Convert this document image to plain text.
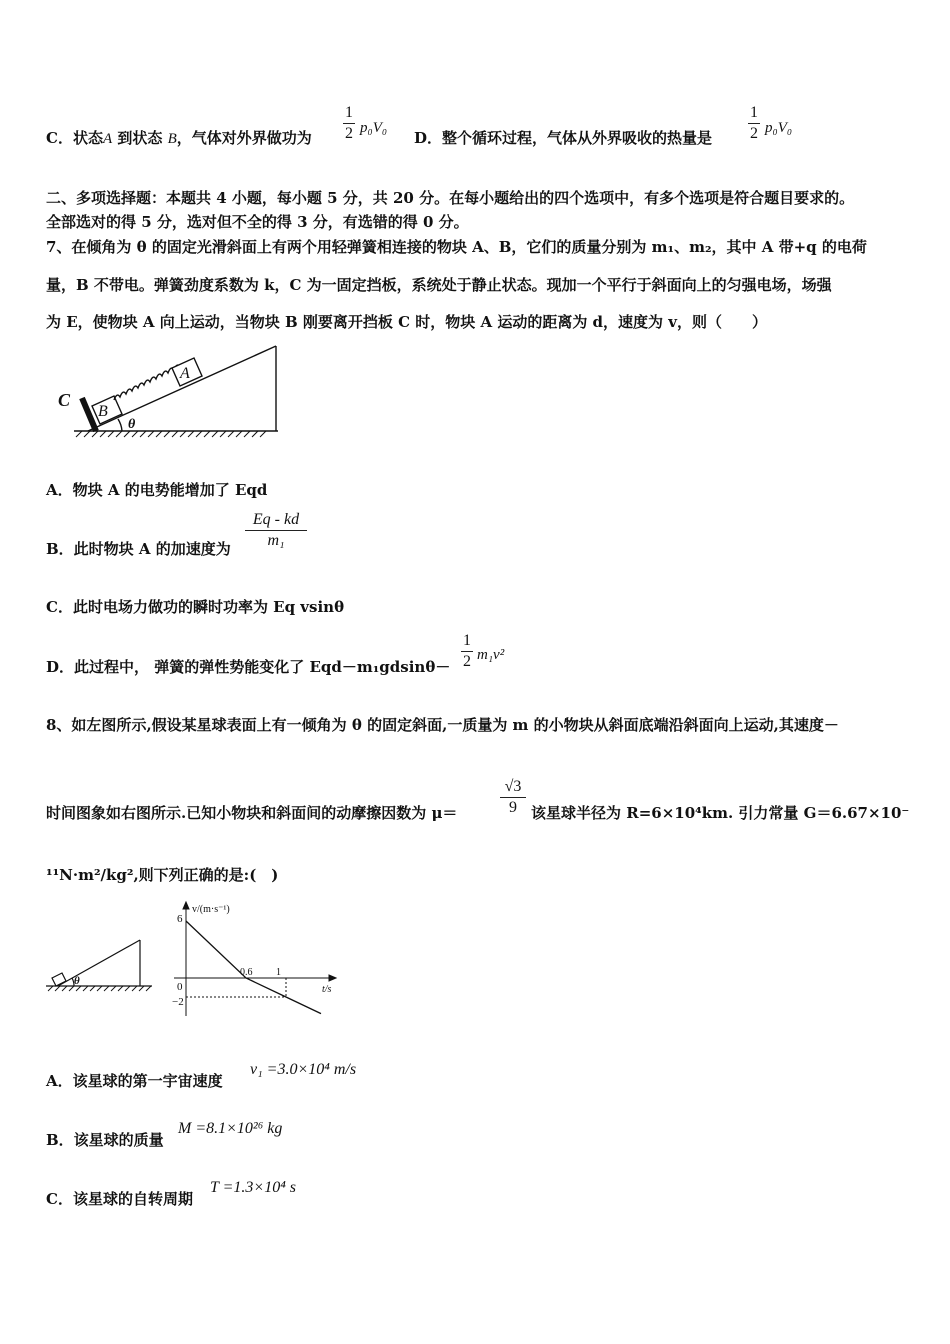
C．状态A 到状态 B，气体对外界做功为
1
2 p₀V₀
D．整个循环过程，气体从外界吸收的热量是
1
2 p₀V₀
二、多项选择题：本题共 4 小题，每小题 5 分，共 20 分。在每小题给出的四个选项中，有多个选项是符合题目要求的。
全部选对的得 5 分，选对但不全的得 3 分，有选错的得 0 分。
7、在倾角为 θ 的固定光滑斜面上有两个用轻弹簧相连接的物块 A、B，它们的质量分别为 m₁、m₂，其中 A 带+q 的电荷
量，B 不带电。弹簧劲度系数为 k，C 为一固定挡板，系统处于静止状态。现加一个平行于斜面向上的匀强电场，场强
为 E，使物块 A 向上运动，当物块 B 刚要离开挡板 C 时，物块 A 运动的距离为 d，速度为 v，则（　　）
C
B
A
θ
A．物块 A 的电势能增加了 Eqd
B．此时物块 A 的加速度为
Eq - kd
m₁
C．此时电场力做功的瞬时功率为 Eq vsinθ
D．此过程中， 弹簧的弹性势能变化了 Eqd－m₁gdsinθ－
1
2 m₁v²
8、如左图所示,假设某星球表面上有一倾角为 θ 的固定斜面,一质量为 m 的小物块从斜面底端沿斜面向上运动,其速度－
时间图象如右图所示.已知小物块和斜面间的动摩擦因数为 μ＝
√3
9 该星球半径为 R=6×10⁴km. 引力常量 G＝6.67×10⁻
¹¹N·m²/kg²,则下列正确的是:(　)
θ
v/(m·s⁻¹)
t/s
6
0
−2
0.6 1
A．该星球的第一宇宙速度
v₁ =3.0×10⁴ m/s
B．该星球的质量
M =8.1×10²⁶ kg
C．该星球的自转周期
T =1.3×10⁴ s
